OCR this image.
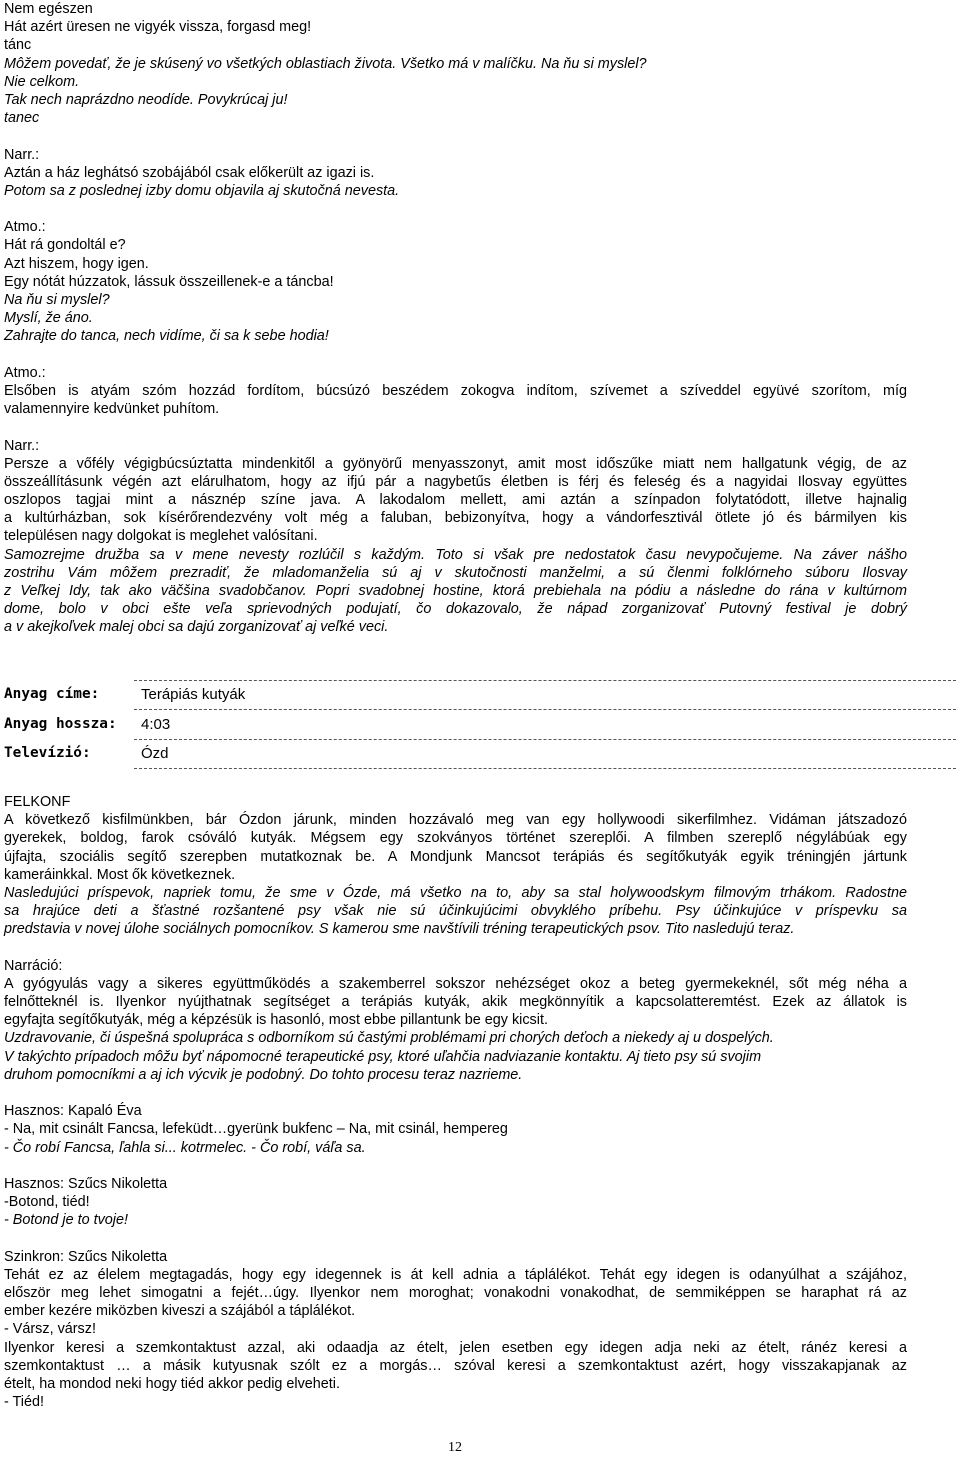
Nem egészen
Hát azért üresen ne vigyék vissza, forgasd meg!
tánc
Môžem povedať, že je skúsený vo všetkých oblastiach života. Všetko má v malíčku. Na ňu si myslel?
Nie celkom.
Tak nech naprázdno neodíde. Povykrúcaj ju!
tanec
Narr.:
Aztán a ház leghátsó szobájából csak előkerült az igazi is.
Potom sa z poslednej izby domu objavila aj skutočná nevesta.
Atmo.:
Hát rá gondoltál e?
Azt hiszem, hogy igen.
Egy nótát húzzatok, lássuk összeillenek-e a táncba!
Na ňu si myslel?
Myslí, že áno.
Zahrajte do tanca, nech vidíme, či sa k sebe hodia!
Atmo.:
Elsőben is atyám szóm hozzád fordítom, búcsúzó beszédem zokogva indítom, szívemet a szíveddel együvé szorítom, míg
valamennyire kedvünket puhítom.
Narr.:
Persze a vőfély végigbúcsúztatta mindenkitől a gyönyörű menyasszonyt, amit most időszűke miatt nem hallgatunk végig, de az
összeállításunk végén azt elárulhatom, hogy az ifjú pár a nagybetűs életben is férj és feleség és a nagyidai Ilosvay együttes
oszlopos tagjai mint a násznép színe java. A lakodalom mellett, ami aztán a színpadon folytatódott, illetve hajnalig
a kultúrházban, sok kísérőrendezvény volt még a faluban, bebizonyítva, hogy a vándorfesztivál ötlete jó és bármilyen kis
településen nagy dolgokat is meglehet valósítani.
Samozrejme družba sa v mene nevesty rozlúčil s každým. Toto si však pre nedostatok času nevypočujeme. Na záver nášho
zostrihu Vám môžem prezradiť, že mladomanželia sú aj v skutočnosti manželmi, a sú členmi folklórneho súboru Ilosvay
z Veľkej Idy, tak ako väčšina svadobčanov. Popri svadobnej hostine, ktorá prebiehala na pódiu a následne do rána v kultúrnom
dome, bolo v obci ešte veľa sprievodných podujatí, čo dokazovalo, že nápad zorganizovať Putovný festival je dobrý
a v akejkoľvek malej obci sa dajú zorganizovať aj veľké veci.
Anyag címe:	Terápiás kutyák
Anyag hossza: 4:03
Televízió:	Ózd
FELKONF
A következő kisfilmünkben, bár Ózdon járunk, minden hozzávaló meg van egy hollywoodi sikerfilmhez. Vidáman játszadozó
gyerekek, boldog, farok csóváló kutyák. Mégsem egy szokványos történet szereplői. A filmben szereplő négylábúak egy
újfajta, szociális segítő szerepben mutatkoznak be. A Mondjunk Mancsot terápiás és segítőkutyák egyik tréningjén jártunk
kameráinkkal. Most ők következnek.
Nasledujúci príspevok, napriek tomu, že sme v Ózde, má všetko na to, aby sa stal holywoodskym filmovým trhákom. Radostne
sa hrajúce deti a šťastné rozšantené psy však nie sú účinkujúcimi obvyklého príbehu. Psy účinkujúce v príspevku sa
predstavia v novej úlohe sociálnych pomocníkov. S kamerou sme navštívili tréning terapeutických psov. Tito nasledujú teraz.
Narráció:
A gyógyulás vagy a sikeres együttműködés a szakemberrel sokszor nehézséget okoz a beteg gyermekeknél, sőt még néha a
felnőtteknél is. Ilyenkor nyújthatnak segítséget a terápiás kutyák, akik megkönnyítik a kapcsolatteremtést. Ezek az állatok is
egyfajta segítőkutyák, még a képzésük is hasonló, most ebbe pillantunk be egy kicsit.
Uzdravovanie, či úspešná spolupráca s odborníkom sú častými problémami pri chorých deťoch a niekedy aj u dospelých.
V takýchto prípadoch môžu byť nápomocné terapeutické psy, ktoré uľahčia nadviazanie kontaktu. Aj tieto psy sú svojim
druhom pomocníkmi a aj ich výcvik je podobný. Do tohto procesu teraz nazrieme.
Hasznos: Kapaló Éva
- Na, mit csinált Fancsa, lefeküdt…gyerünk bukfenc – Na, mit csinál, hempereg
- Čo robí Fancsa, ľahla si... kotrmelec. - Čo robí, váľa sa.
Hasznos: Szűcs Nikoletta
-Botond, tiéd!
- Botond je to tvoje!
Szinkron: Szűcs Nikoletta
Tehát ez az élelem megtagadás, hogy egy idegennek is át kell adnia a táplálékot. Tehát egy idegen is odanyúlhat a szájához,
először meg lehet simogatni a fejét…úgy. Ilyenkor nem moroghat; vonakodni vonakodhat, de semmiképpen se haraphat rá az
ember kezére miközben kiveszi a szájából a táplálékot.
- Vársz, vársz!
Ilyenkor keresi a szemkontaktust azzal, aki odaadja az ételt, jelen esetben egy idegen adja neki az ételt, ránéz keresi a
szemkontaktust … a másik kutyusnak szólt ez a morgás… szóval keresi a szemkontaktust azért, hogy visszakapjanak az
ételt, ha mondod neki hogy tiéd akkor pedig elveheti.
- Tiéd!
12
